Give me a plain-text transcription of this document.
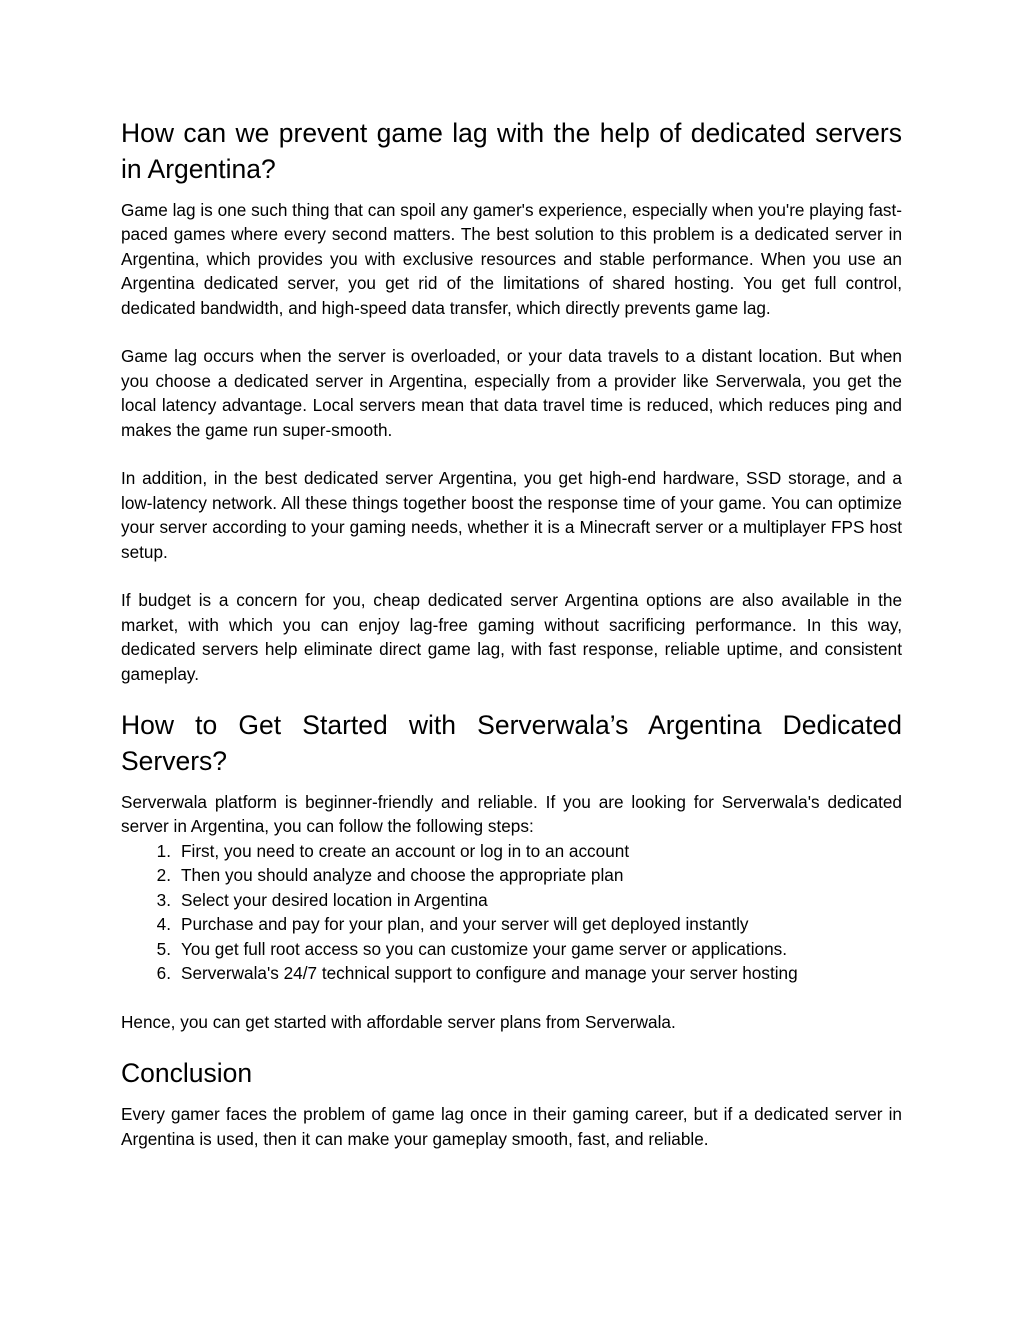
How can we prevent game lag with the help of dedicated servers in Argentina?

Game lag is one such thing that can spoil any gamer's experience, especially when you're playing fast-paced games where every second matters. The best solution to this problem is a dedicated server in Argentina, which provides you with exclusive resources and stable performance. When you use an Argentina dedicated server, you get rid of the limitations of shared hosting. You get full control, dedicated bandwidth, and high-speed data transfer, which directly prevents game lag.

Game lag occurs when the server is overloaded, or your data travels to a distant location. But when you choose a dedicated server in Argentina, especially from a provider like Serverwala, you get the local latency advantage. Local servers mean that data travel time is reduced, which reduces ping and makes the game run super-smooth.

In addition, in the best dedicated server Argentina, you get high-end hardware, SSD storage, and a low-latency network. All these things together boost the response time of your game. You can optimize your server according to your gaming needs, whether it is a Minecraft server or a multiplayer FPS host setup.

If budget is a concern for you, cheap dedicated server Argentina options are also available in the market, with which you can enjoy lag-free gaming without sacrificing performance. In this way, dedicated servers help eliminate direct game lag, with fast response, reliable uptime, and consistent gameplay.

How to Get Started with Serverwala’s Argentina Dedicated Servers?

Serverwala platform is beginner-friendly and reliable. If you are looking for Serverwala's dedicated server in Argentina, you can follow the following steps:

1. First, you need to create an account or log in to an account
2. Then you should analyze and choose the appropriate plan
3. Select your desired location in Argentina
4. Purchase and pay for your plan, and your server will get deployed instantly
5. You get full root access so you can customize your game server or applications.
6. Serverwala's 24/7 technical support to configure and manage your server hosting

Hence, you can get started with affordable server plans from Serverwala.

Conclusion

Every gamer faces the problem of game lag once in their gaming career, but if a dedicated server in Argentina is used, then it can make your gameplay smooth, fast, and reliable.
